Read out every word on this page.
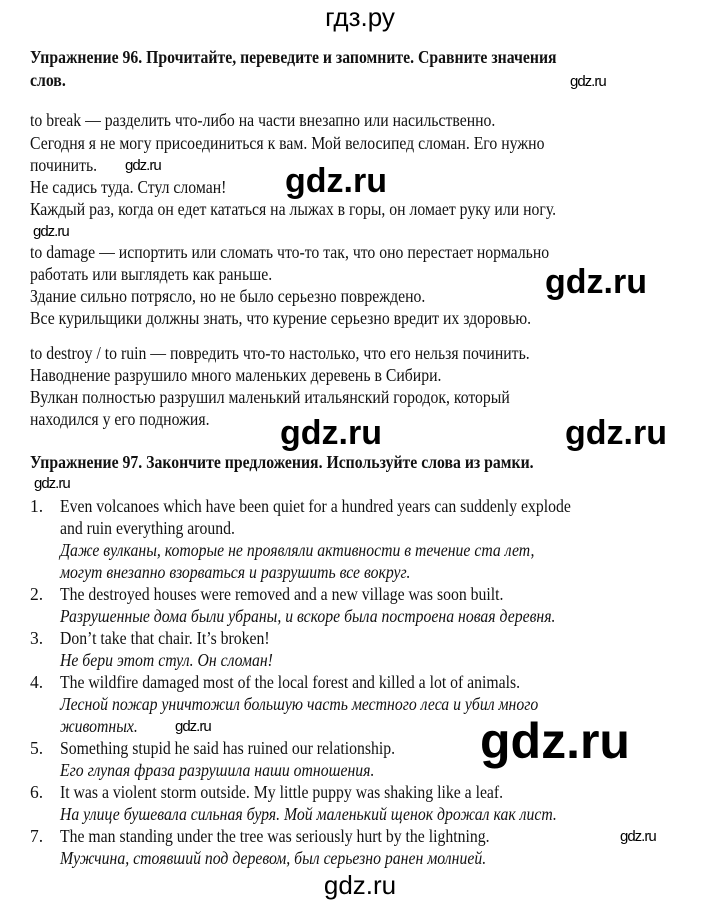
гдз.ру
Упражнение 96. Прочитайте, переведите и запомните. Сравните значения
слов.
to break — разделить что-либо на части внезапно или насильственно.
Сегодня я не могу присоединиться к вам. Мой велосипед сломан. Его нужно
починить.
Не садись туда. Стул сломан!
Каждый раз, когда он едет кататься на лыжах в горы, он ломает руку или ногу.
to damage — испортить или сломать что-то так, что оно перестает нормально
работать или выглядеть как раньше.
Здание сильно потрясло, но не было серьезно повреждено.
Все курильщики должны знать, что курение серьезно вредит их здоровью.
to destroy / to ruin — повредить что-то настолько, что его нельзя починить.
Наводнение разрушило много маленьких деревень в Сибири.
Вулкан полностью разрушил маленький итальянский городок, который
находился у его подножия.
Упражнение 97. Закончите предложения. Используйте слова из рамки.
1. Even volcanoes which have been quiet for a hundred years can suddenly explode
and ruin everything around.
Даже вулканы, которые не проявляли активности в течение ста лет,
могут внезапно взорваться и разрушить все вокруг.
2. The destroyed houses were removed and a new village was soon built.
Разрушенные дома были убраны, и вскоре была построена новая деревня.
3. Don’t take that chair. It’s broken!
Не бери этот стул. Он сломан!
4. The wildfire damaged most of the local forest and killed a lot of animals.
Лесной пожар уничтожил большую часть местного леса и убил много
животных.
5. Something stupid he said has ruined our relationship.
Его глупая фраза разрушила наши отношения.
6. It was a violent storm outside. My little puppy was shaking like a leaf.
На улице бушевала сильная буря. Мой маленький щенок дрожал как лист.
7. The man standing under the tree was seriously hurt by the lightning.
Мужчина, стоявший под деревом, был серьезно ранен молнией.
gdz.ru
gdz.ru	gdz.ru
gdz.ru
gdz.ru
gdz.ru	gdz.ru
gdz.ru
gdz.ru	gdz.ru
gdz.ru
gdz.ru
